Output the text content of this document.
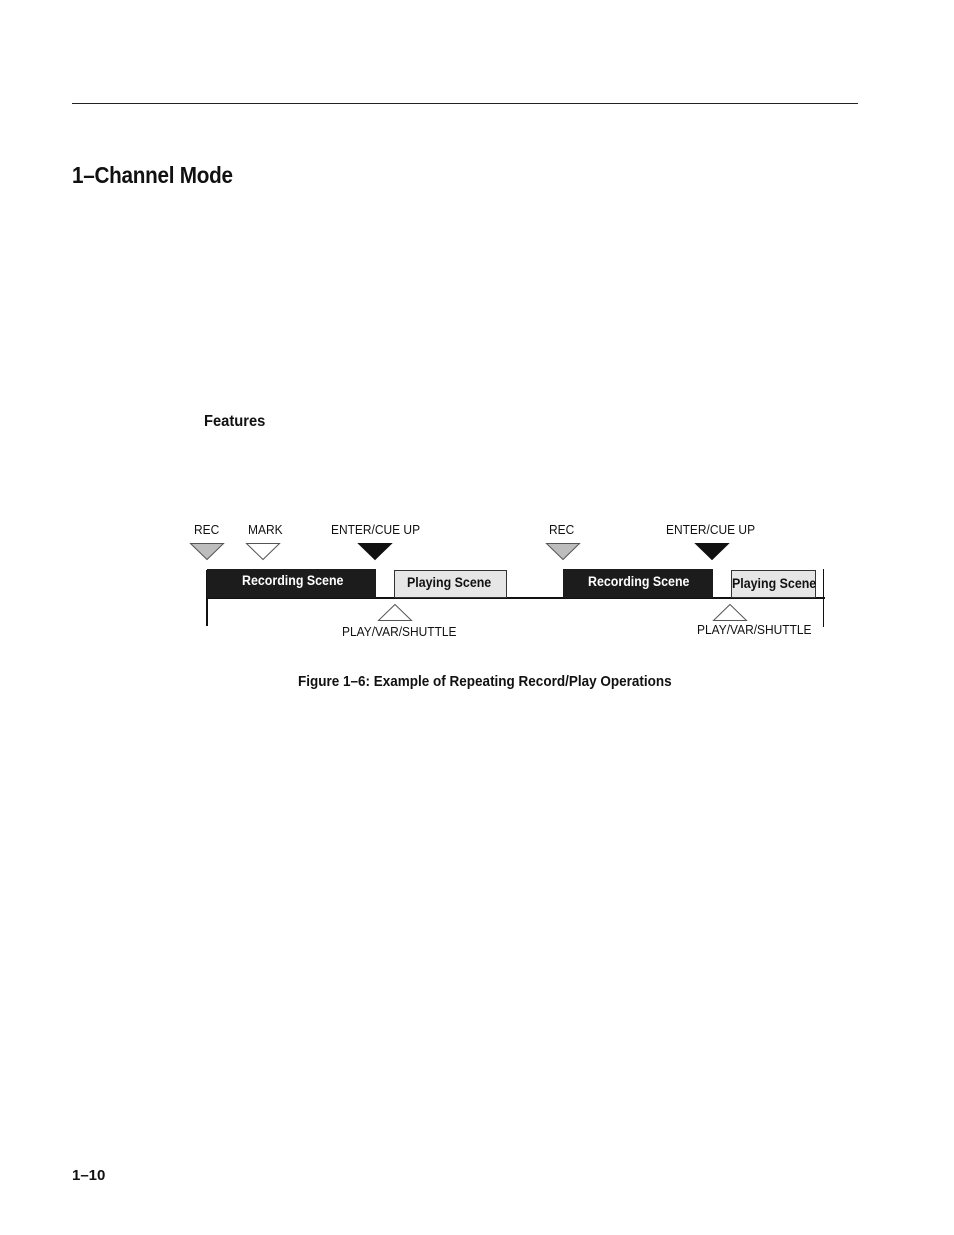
1–Channel Mode
Features
REC MARK	ENTER/CUE UP	REC	ENTER/CUE UP
Recording Scene	Playing Scene	Recording Scene	Playing Scene
PLAY/VAR/SHUTTLE	PLAY/VAR/SHUTTLE
Figure 1–6: Example of Repeating Record/Play Operations
1–10
